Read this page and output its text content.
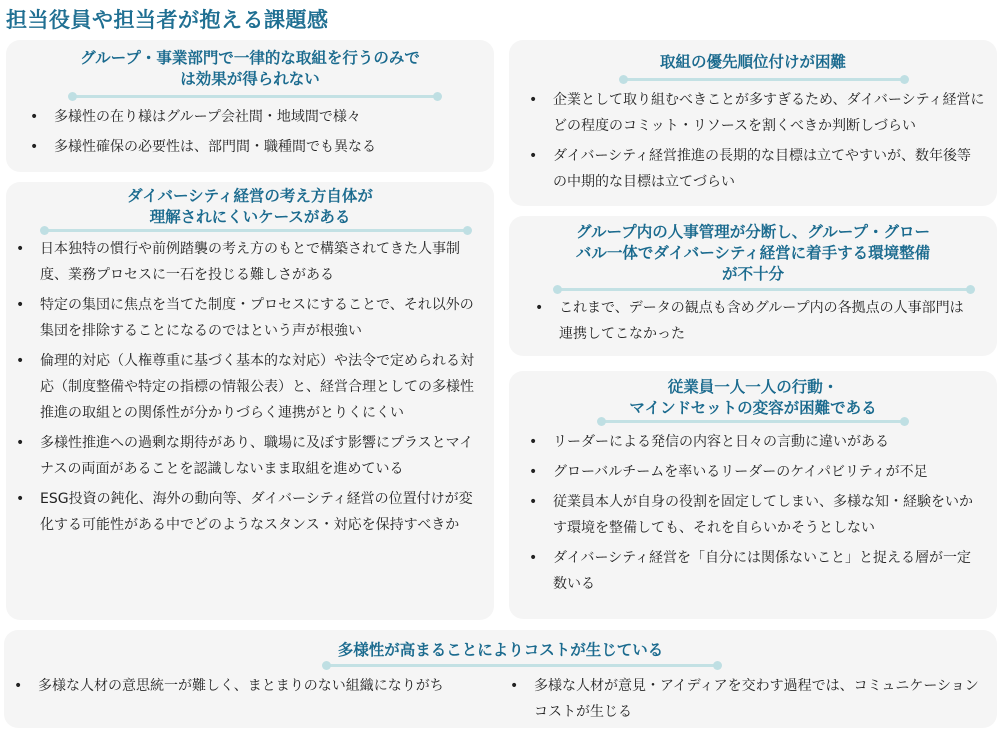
担当役員や担当者が抱える課題感
グループ・事業部門で一律的な取組を行うのみで
は効果が得られない
• 多様性の在り様はグループ会社間・地域間で様々
• 多様性確保の必要性は、部門間・職種間でも異なる
取組の優先順位付けが困難
• 企業として取り組むべきことが多すぎるため、ダイバーシティ経営にどの程度のコミット・リソースを割くべきか判断しづらい
• ダイバーシティ経営推進の長期的な目標は立てやすいが、数年後等の中期的な目標は立てづらい
ダイバーシティ経営の考え方自体が
理解されにくいケースがある
• 日本独特の慣行や前例踏襲の考え方のもとで構築されてきた人事制度、業務プロセスに一石を投じる難しさがある
• 特定の集団に焦点を当てた制度・プロセスにすることで、それ以外の集団を排除することになるのではという声が根強い
• 倫理的対応（人権尊重に基づく基本的な対応）や法令で定められる対応（制度整備や特定の指標の情報公表）と、経営合理としての多様性推進の取組との関係性が分かりづらく連携がとりくにくい
• 多様性推進への過剰な期待があり、職場に及ぼす影響にプラスとマイナスの両面があることを認識しないまま取組を進めている
• ESG投資の鈍化、海外の動向等、ダイバーシティ経営の位置付けが変化する可能性がある中でどのようなスタンス・対応を保持すべきか
グループ内の人事管理が分断し、グループ・グロー
バル一体でダイバーシティ経営に着手する環境整備
が不十分
• これまで、データの観点も含めグループ内の各拠点の人事部門は連携してこなかった
従業員一人一人の行動・
マインドセットの変容が困難である
• リーダーによる発信の内容と日々の言動に違いがある
• グローバルチームを率いるリーダーのケイパビリティが不足
• 従業員本人が自身の役割を固定してしまい、多様な知・経験をいかす環境を整備しても、それを自らいかそうとしない
• ダイバーシティ経営を「自分には関係ないこと」と捉える層が一定数いる
多様性が高まることによりコストが生じている
• 多様な人材の意思統一が難しく、まとまりのない組織になりがち	• 多様な人材が意見・アイディアを交わす過程では、コミュニケーションコストが生じる
